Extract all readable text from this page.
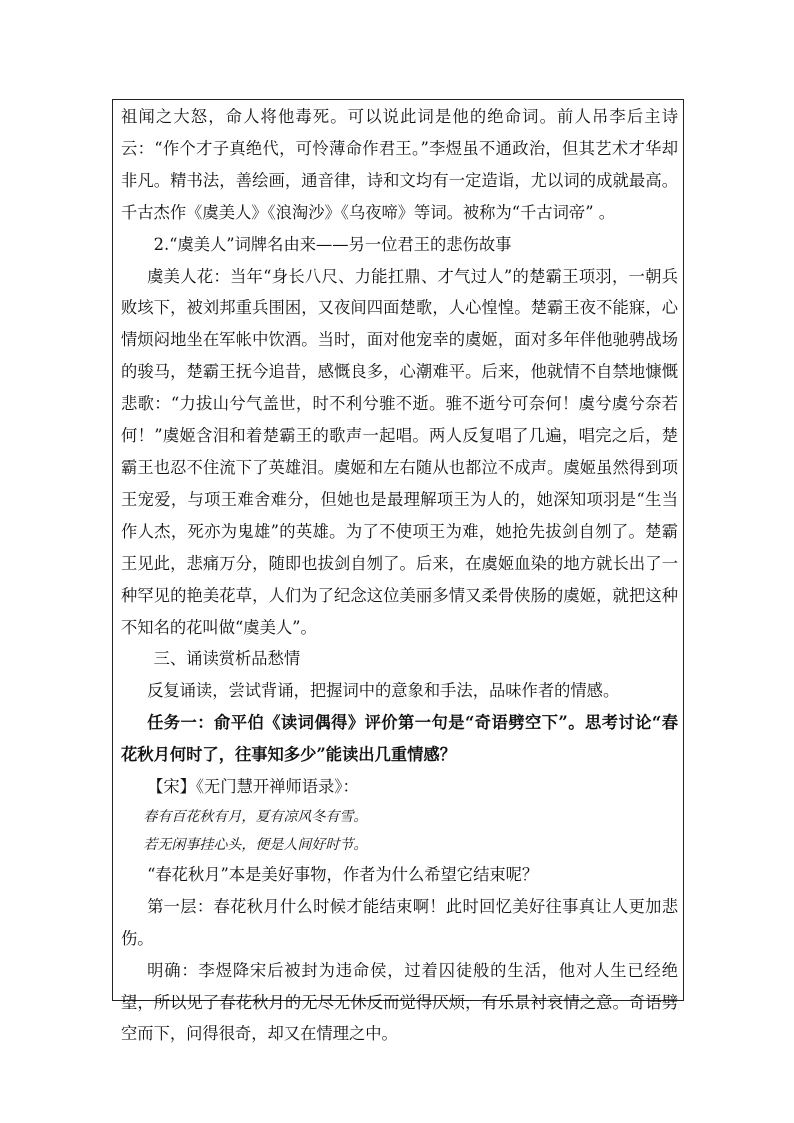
祖闻之大怒，命人将他毒死。可以说此词是他的绝命词。前人吊李后主诗云：“作个才子真绝代，可怜薄命作君王。”李煜虽不通政治，但其艺术才华却非凡。精书法，善绘画，通音律，诗和文均有一定造诣，尤以词的成就最高。千古杰作《虞美人》《浪淘沙》《乌夜啼》等词。被称为“千古词帝” 。

2.“虞美人”词牌名由来——另一位君王的悲伤故事

虞美人花：当年“身长八尺、力能扛鼎、才气过人”的楚霸王项羽，一朝兵败垓下，被刘邦重兵围困，又夜间四面楚歌，人心惶惶。楚霸王夜不能寐，心情烦闷地坐在军帐中饮酒。当时，面对他宠幸的虞姬，面对多年伴他驰骋战场的骏马，楚霸王抚今追昔，感慨良多，心潮难平。后来，他就情不自禁地慷慨悲歌：“力拔山兮气盖世，时不利兮骓不逝。骓不逝兮可奈何！虞兮虞兮奈若何！”虞姬含泪和着楚霸王的歌声一起唱。两人反复唱了几遍，唱完之后，楚霸王也忍不住流下了英雄泪。虞姬和左右随从也都泣不成声。虞姬虽然得到项王宠爱，与项王难舍难分，但她也是最理解项王为人的，她深知项羽是“生当作人杰，死亦为鬼雄”的英雄。为了不使项王为难，她抢先拔剑自刎了。楚霸王见此，悲痛万分，随即也拔剑自刎了。后来，在虞姬血染的地方就长出了一种罕见的艳美花草，人们为了纪念这位美丽多情又柔骨侠肠的虞姬，就把这种不知名的花叫做“虞美人”。

三、诵读赏析品愁情

反复诵读，尝试背诵，把握词中的意象和手法，品味作者的情感。

任务一：俞平伯《读词偶得》评价第一句是“奇语劈空下”。思考讨论“春花秋月何时了，往事知多少”能读出几重情感？

【宋】《无门慧开禅师语录》：

春有百花秋有月，夏有凉风冬有雪。

若无闲事挂心头，便是人间好时节。

“春花秋月”本是美好事物，作者为什么希望它结束呢？

第一层：春花秋月什么时候才能结束啊！此时回忆美好往事真让人更加悲伤。

明确：李煜降宋后被封为违命侯，过着囚徒般的生活，他对人生已经绝望，所以见了春花秋月的无尽无休反而觉得厌烦，有乐景衬哀情之意。奇语劈空而下，问得很奇，却又在情理之中。
